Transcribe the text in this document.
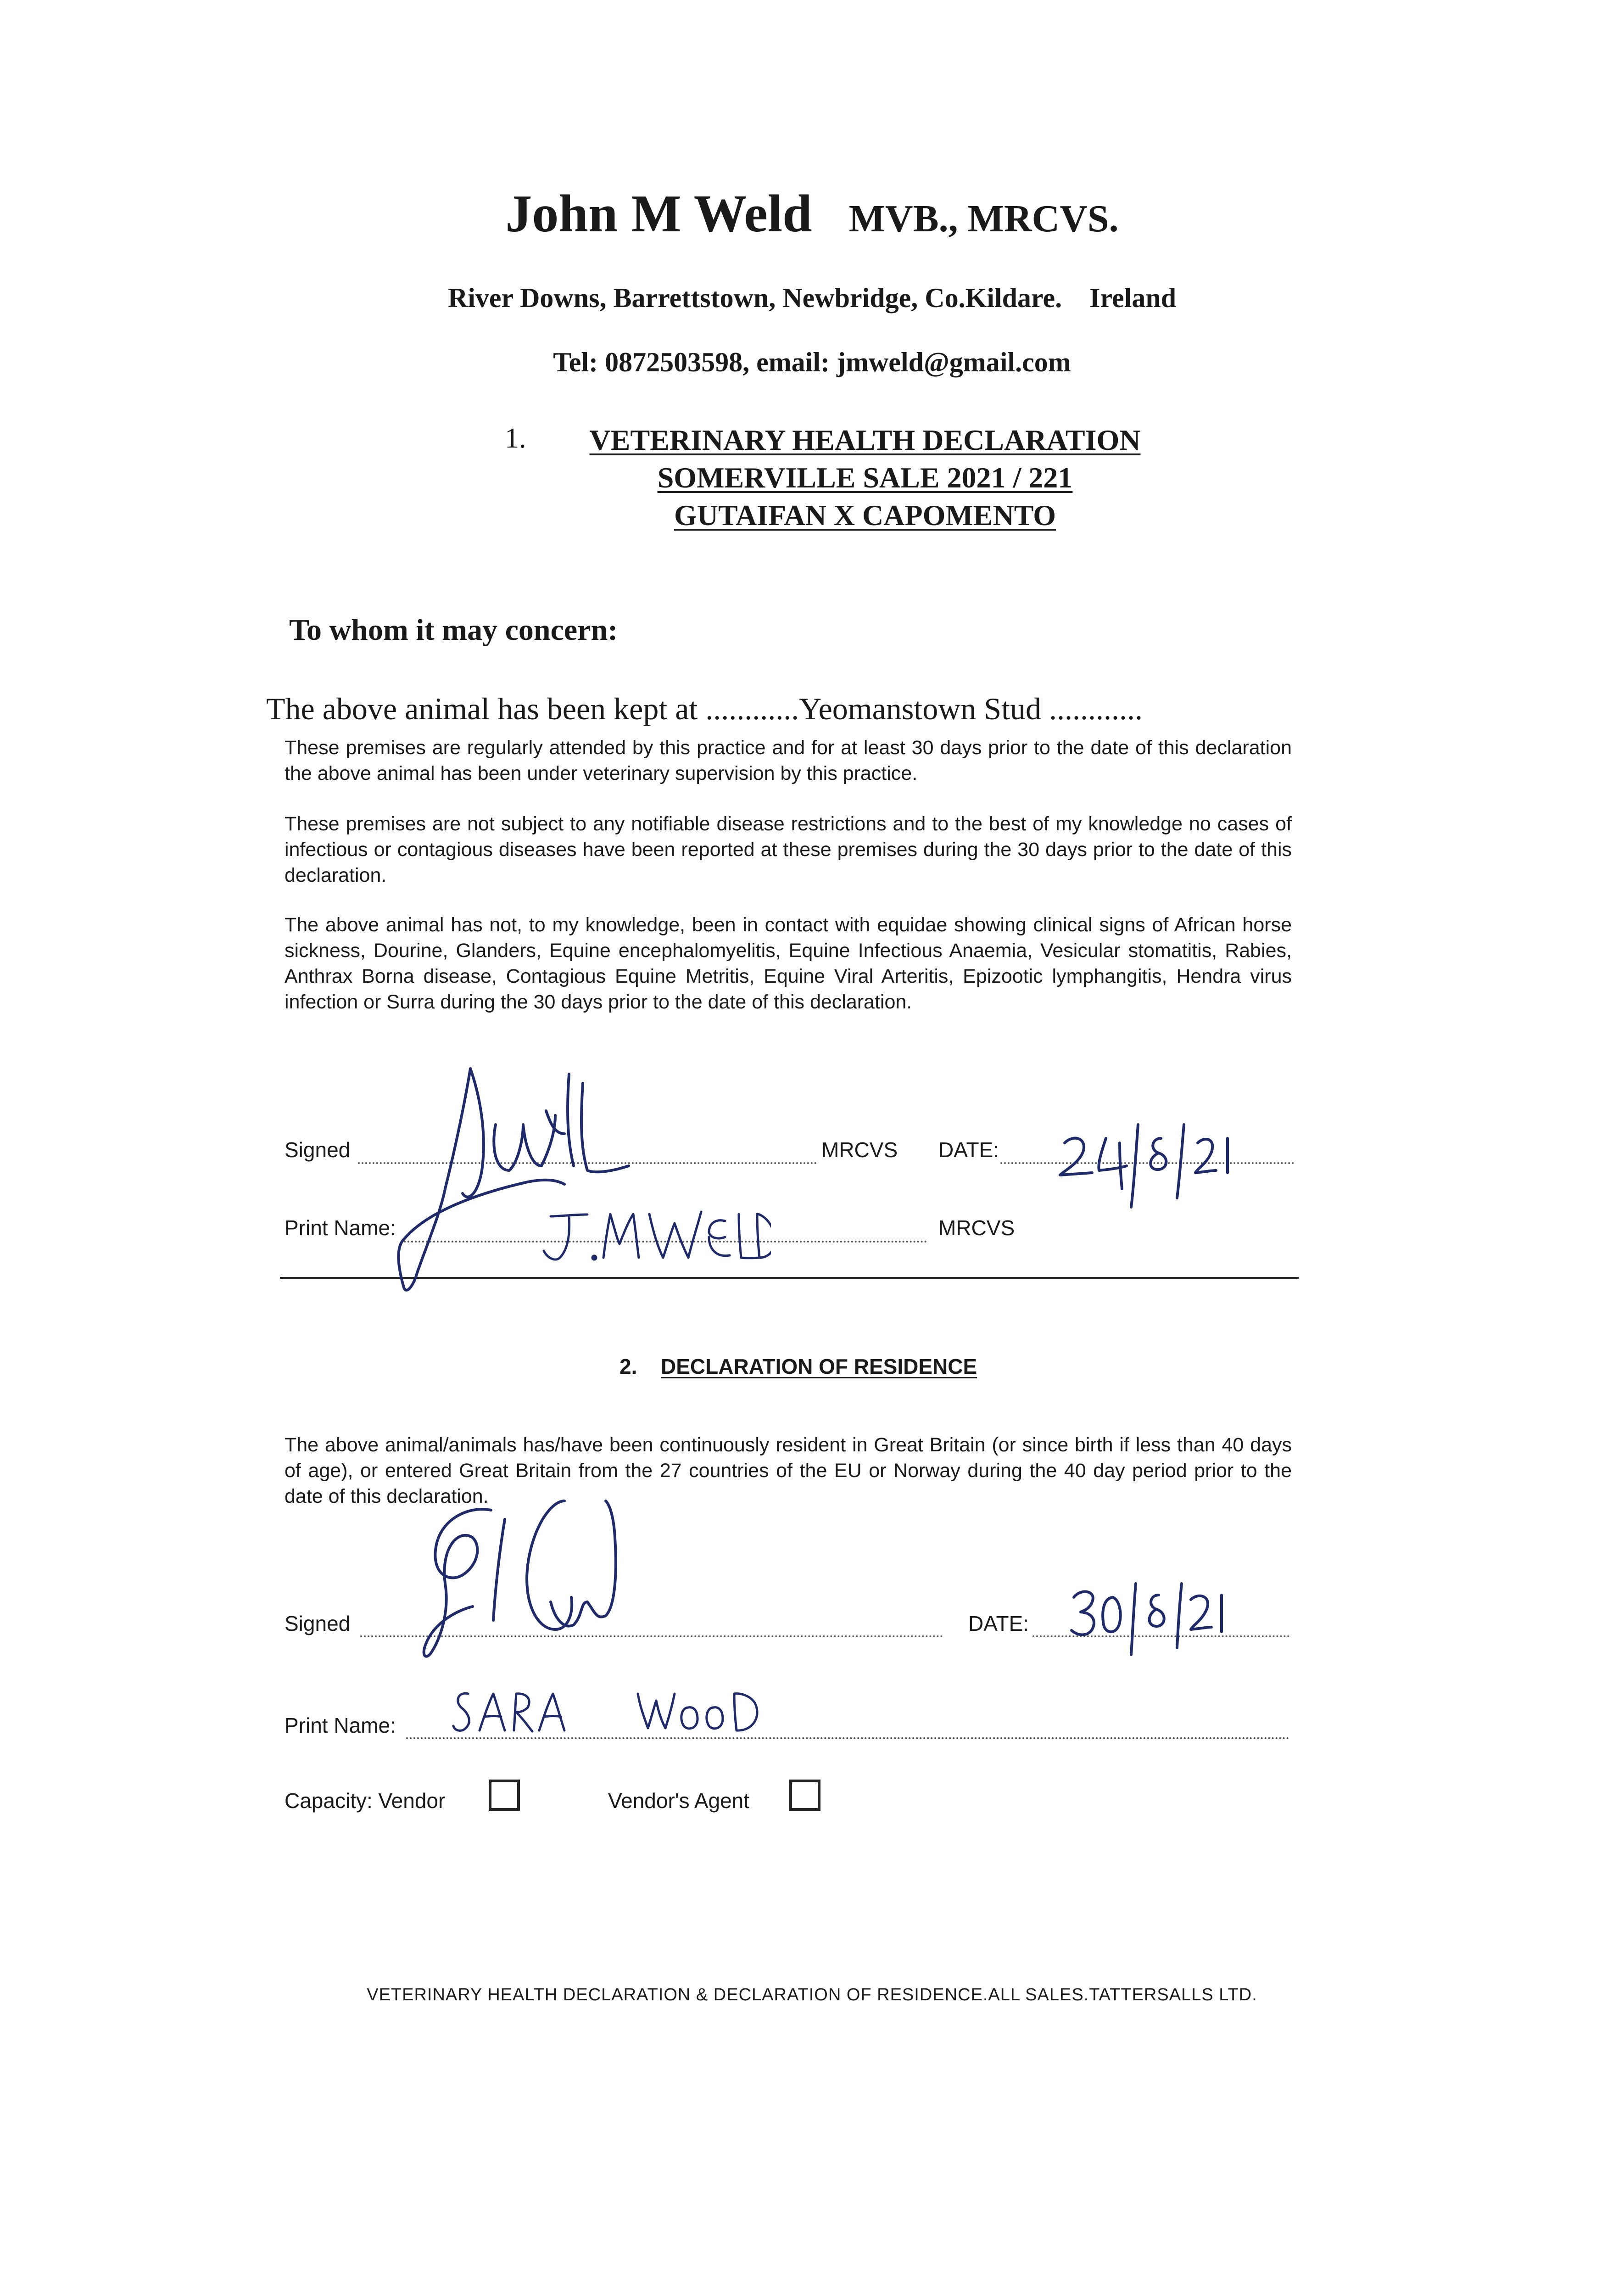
John M Weld MVB., MRCVS.
River Downs, Barrettstown, Newbridge, Co.Kildare. Ireland
Tel: 0872503598, email: jmweld@gmail.com
1.	VETERINARY HEALTH DECLARATION
SOMERVILLE SALE 2021 / 221
GUTAIFAN X CAPOMENTO
To whom it may concern:
The above animal has been kept at ............Yeomanstown Stud ............
These premises are regularly attended by this practice and for at least 30 days prior to the date of this declaration the above animal has been under veterinary supervision by this practice.
These premises are not subject to any notifiable disease restrictions and to the best of my knowledge no cases of infectious or contagious diseases have been reported at these premises during the 30 days prior to the date of this declaration.
The above animal has not, to my knowledge, been in contact with equidae showing clinical signs of African horse sickness, Dourine, Glanders, Equine encephalomyelitis, Equine Infectious Anaemia, Vesicular stomatitis, Rabies, Anthrax Borna disease, Contagious Equine Metritis, Equine Viral Arteritis, Epizootic lymphangitis, Hendra virus infection or Surra during the 30 days prior to the date of this declaration.
Signed	MRCVS DATE:
Print Name:	MRCVS
2. DECLARATION OF RESIDENCE
The above animal/animals has/have been continuously resident in Great Britain (or since birth if less than 40 days of age), or entered Great Britain from the 27 countries of the EU or Norway during the 40 day period prior to the date of this declaration.
Signed	DATE:
Print Name:
Capacity: Vendor	Vendor's Agent
VETERINARY HEALTH DECLARATION & DECLARATION OF RESIDENCE.ALL SALES.TATTERSALLS LTD.
